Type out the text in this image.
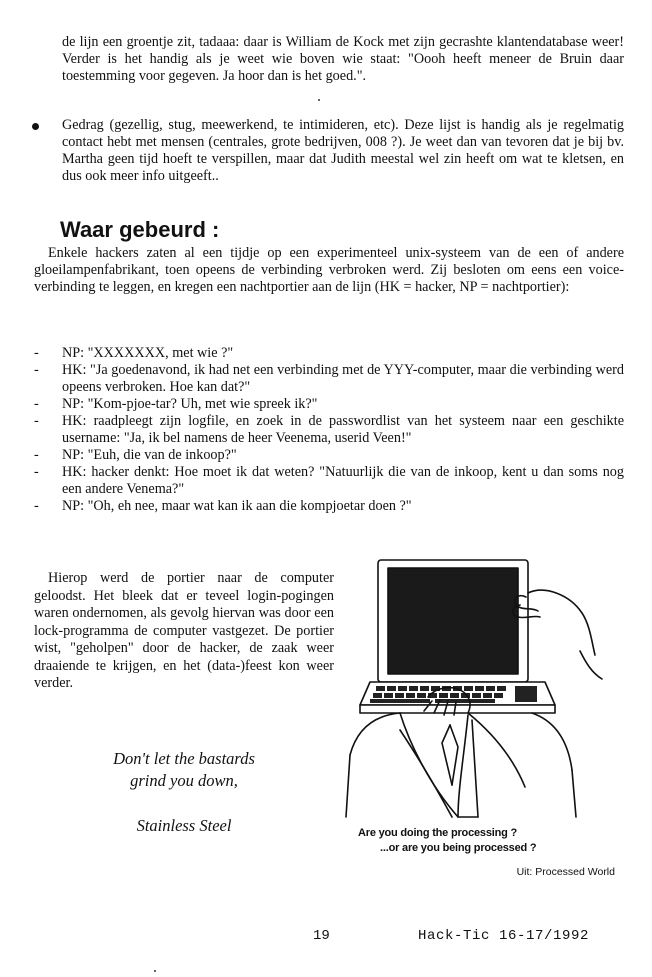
de lijn een groentje zit, tadaaa: daar is William de Kock met zijn gecrashte klantendatabase weer! Verder is het handig als je weet wie boven wie staat: "Oooh heeft meneer de Bruin daar toestemming voor gegeven. Ja hoor dan is het goed.".

Gedrag (gezellig, stug, meewerkend, te intimideren, etc). Deze lijst is handig als je regelmatig contact hebt met mensen (centrales, grote bedrijven, 008 ?). Je weet dan van tevoren dat je bij bv. Martha geen tijd hoeft te verspillen, maar dat Judith meestal wel zin heeft om wat te kletsen, en dus ook meer info uitgeeft..

Waar gebeurd :

Enkele hackers zaten al een tijdje op een experimenteel unix-systeem van de een of andere gloeilampenfabrikant, toen opeens de verbinding verbroken werd. Zij besloten om eens een voice-verbinding te leggen, en kregen een nachtportier aan de lijn (HK = hacker, NP = nachtportier):

- NP: "XXXXXXX, met wie ?"
- HK: "Ja goedenavond, ik had net een verbinding met de YYY-computer, maar die verbinding werd opeens verbroken. Hoe kan dat?"
- NP: "Kom-pjoe-tar? Uh, met wie spreek ik?"
- HK: raadpleegt zijn logfile, en zoek in de passwordlist van het systeem naar een geschikte username: "Ja, ik bel namens de heer Veenema, userid Veen!"
- NP: "Euh, die van de inkoop?"
- HK: hacker denkt: Hoe moet ik dat weten? "Natuurlijk die van de inkoop, kent u dan soms nog een andere Venema?"
- NP: "Oh, eh nee, maar wat kan ik aan die kompjoetar doen ?"

Hierop werd de portier naar de computer geloodst. Het bleek dat er teveel login-pogingen waren ondernomen, als gevolg hiervan was door een lock-programma de computer vastgezet. De portier wist, "geholpen" door de hacker, de zaak weer draaiende te krijgen, en het (data-)feest kon weer verder.

Don't let the bastards
grind you down,
Stainless Steel	Are you doing the processing ?
...or are you being processed ?
Uit: Processed World
19	Hack-Tic 16-17/1992
